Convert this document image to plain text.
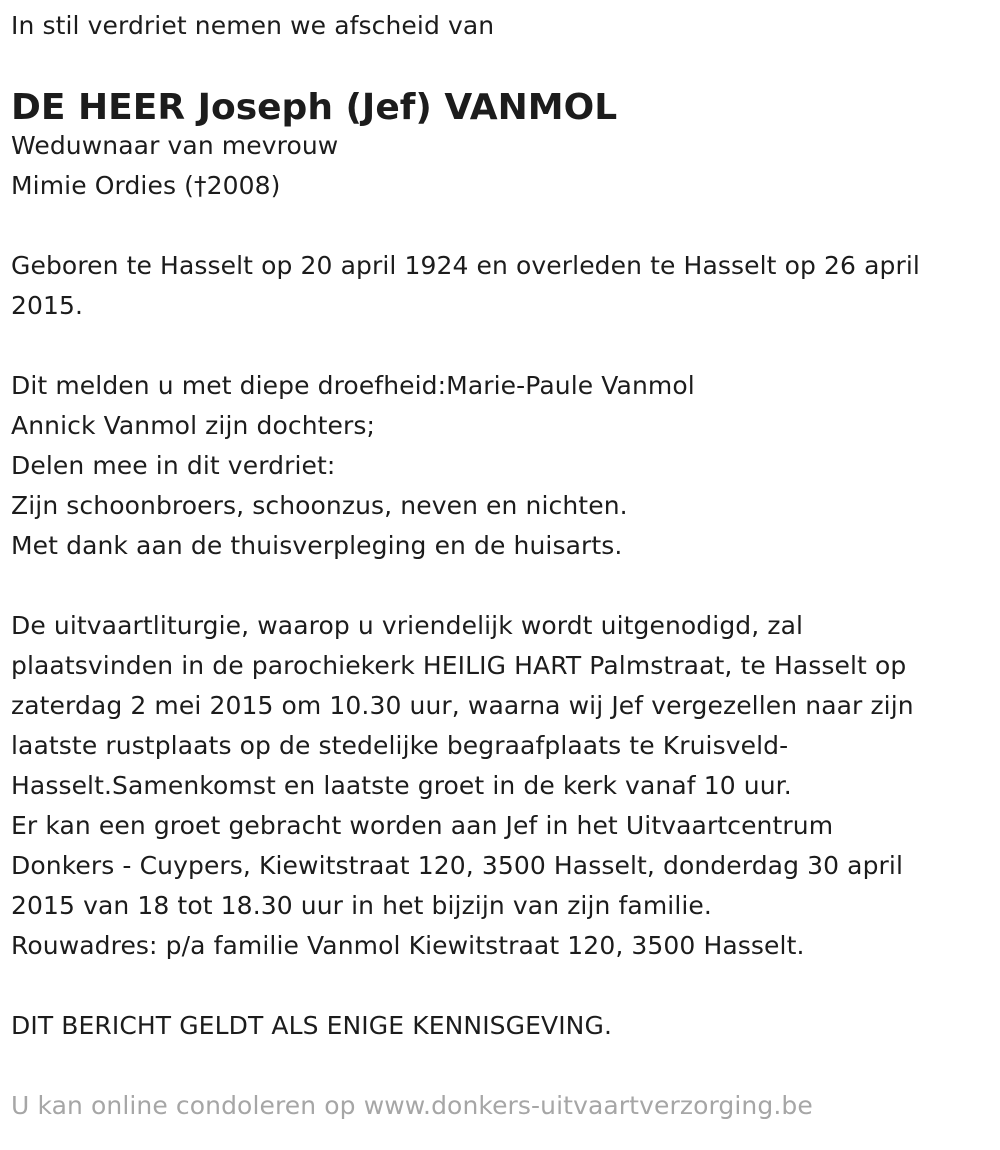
In stil verdriet nemen we afscheid van
DE HEER Joseph (Jef) VANMOL
Weduwnaar van mevrouw
Mimie Ordies (†2008)
Geboren te Hasselt op 20 april 1924 en overleden te Hasselt op 26 april
2015.
Dit melden u met diepe droefheid:Marie-Paule Vanmol
Annick Vanmol zijn dochters;
Delen mee in dit verdriet:
Zijn schoonbroers, schoonzus, neven en nichten.
Met dank aan de thuisverpleging en de huisarts.
De uitvaartliturgie, waarop u vriendelijk wordt uitgenodigd, zal
plaatsvinden in de parochiekerk HEILIG HART Palmstraat, te Hasselt op
zaterdag 2 mei 2015 om 10.30 uur, waarna wij Jef vergezellen naar zijn
laatste rustplaats op de stedelijke begraafplaats te Kruisveld-
Hasselt.Samenkomst en laatste groet in de kerk vanaf 10 uur.
Er kan een groet gebracht worden aan Jef in het Uitvaartcentrum
Donkers - Cuypers, Kiewitstraat 120, 3500 Hasselt, donderdag 30 april
2015 van 18 tot 18.30 uur in het bijzijn van zijn familie.
Rouwadres: p/a familie Vanmol Kiewitstraat 120, 3500 Hasselt.
DIT BERICHT GELDT ALS ENIGE KENNISGEVING.
U kan online condoleren op www.donkers-uitvaartverzorging.be
